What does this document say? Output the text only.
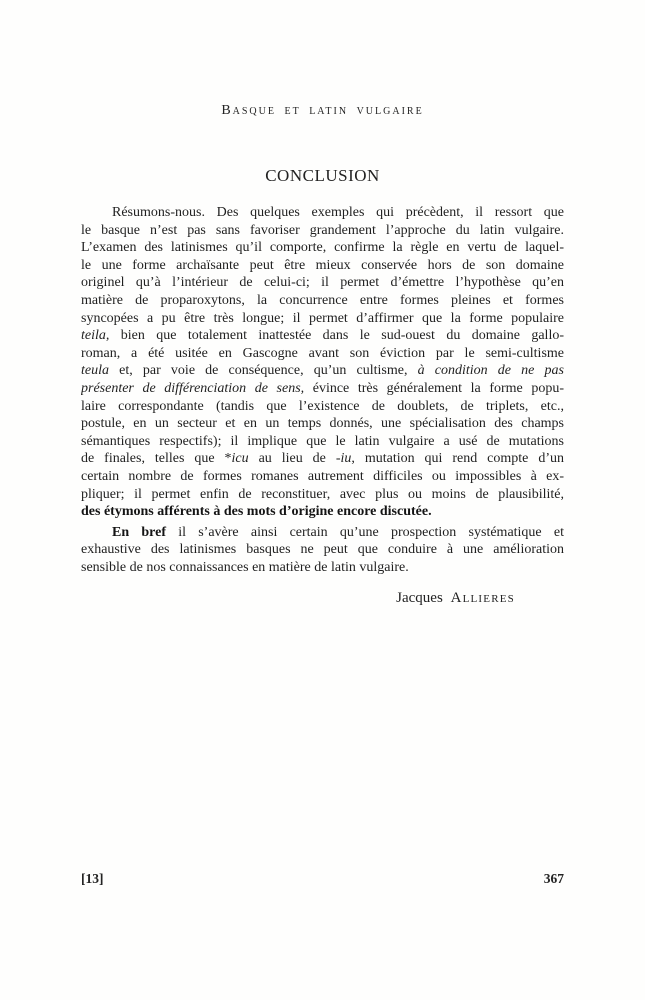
Basque et latin vulgaire
CONCLUSION
Résumons-nous. Des quelques exemples qui précèdent, il ressort que
le basque n’est pas sans favoriser grandement l’approche du latin vulgaire.
L’examen des latinismes qu’il comporte, confirme la règle en vertu de laquel-
le une forme archaïsante peut être mieux conservée hors de son domaine
originel qu’à l’intérieur de celui-ci; il permet d’émettre l’hypothèse qu’en
matière de proparoxytons, la concurrence entre formes pleines et formes
syncopées a pu être très longue; il permet d’affirmer que la forme populaire
teila, bien que totalement inattestée dans le sud-ouest du domaine gallo-
roman, a été usitée en Gascogne avant son éviction par le semi-cultisme
teula et, par voie de conséquence, qu’un cultisme, à condition de ne pas
présenter de différenciation de sens, évince très généralement la forme popu-
laire correspondante (tandis que l’existence de doublets, de triplets, etc.,
postule, en un secteur et en un temps donnés, une spécialisation des champs
sémantiques respectifs); il implique que le latin vulgaire a usé de mutations
de finales, telles que *icu au lieu de -iu, mutation qui rend compte d’un
certain nombre de formes romanes autrement difficiles ou impossibles à ex-
pliquer; il permet enfin de reconstituer, avec plus ou moins de plausibilité,
des étymons afférents à des mots d’origine encore discutée.
En bref il s’avère ainsi certain qu’une prospection systématique et
exhaustive des latinismes basques ne peut que conduire à une amélioration
sensible de nos connaissances en matière de latin vulgaire.
Jacques Allieres
[13]	367
